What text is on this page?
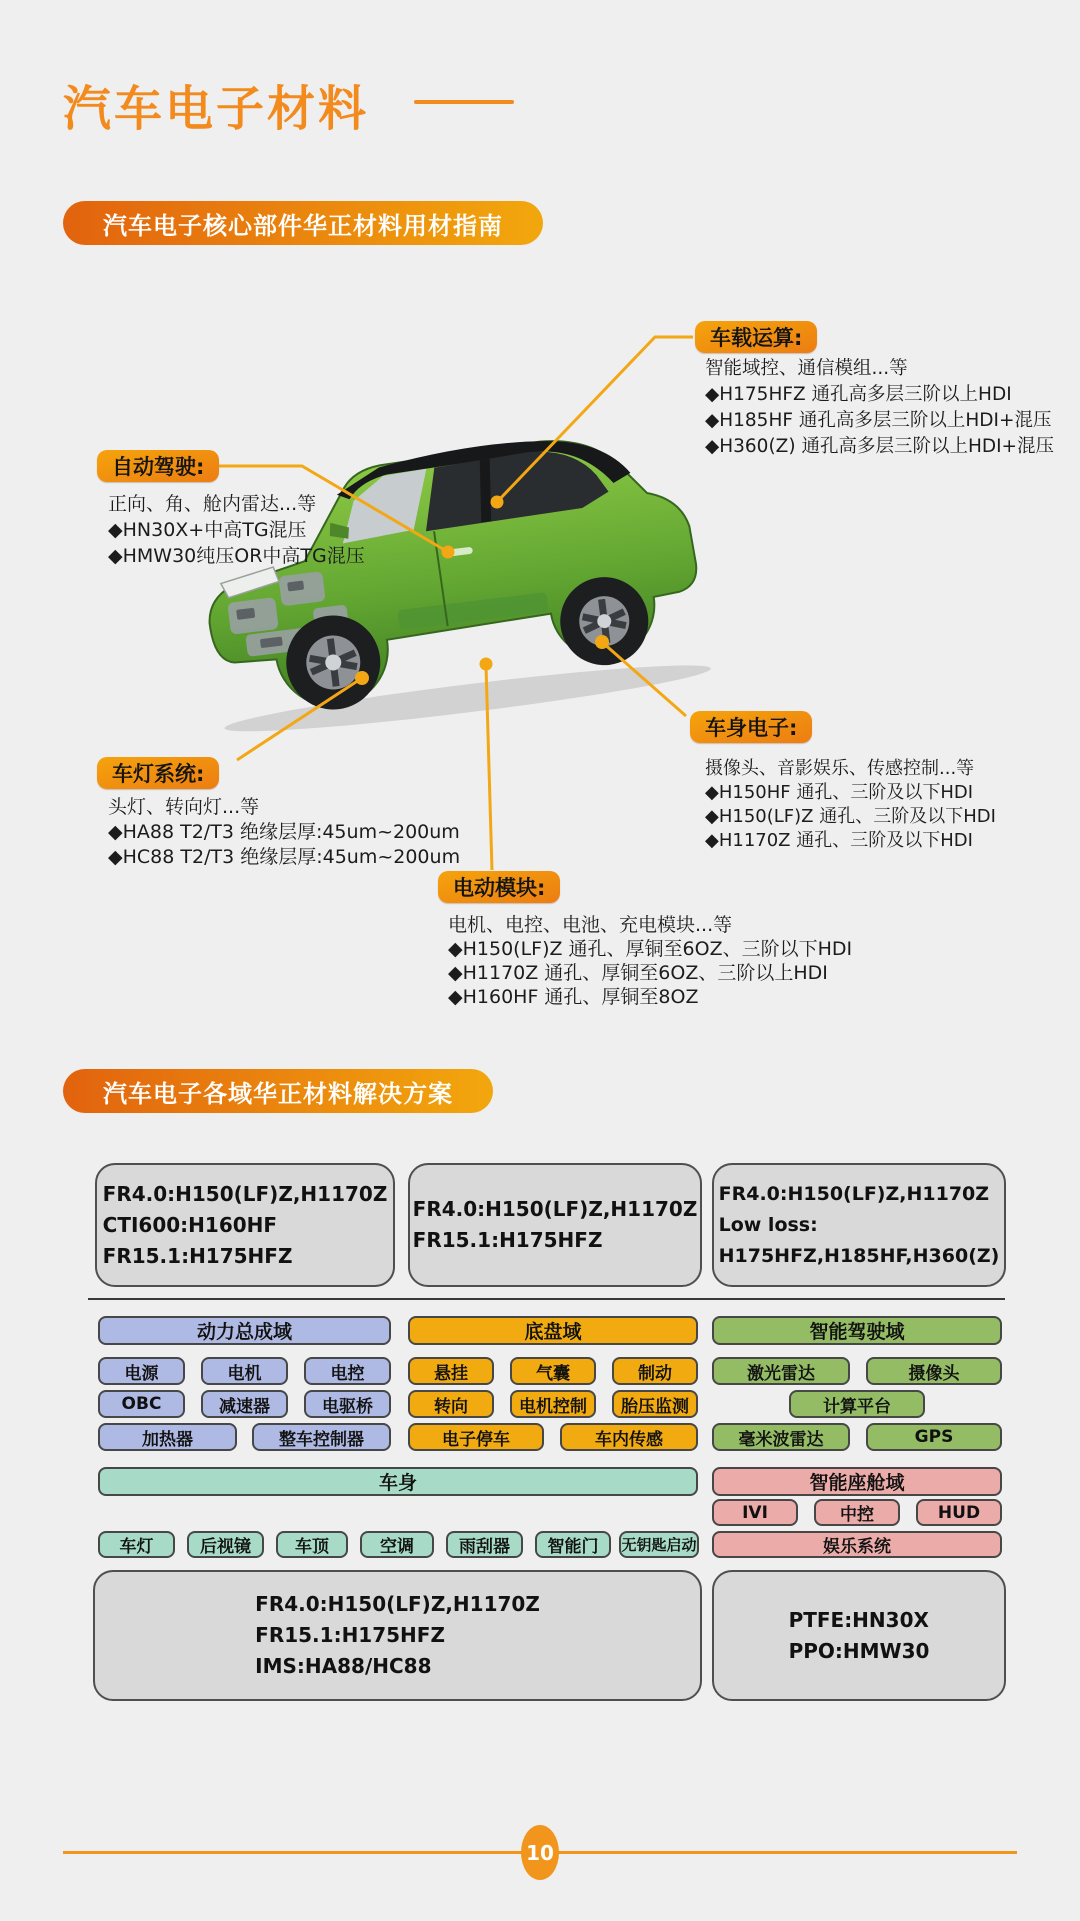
汽车电子材料
汽车电子核心部件华正材料用材指南
车载运算:
智能域控、通信模组...等
◆H175HFZ 通孔高多层三阶以上HDI
◆H185HF 通孔高多层三阶以上HDI+混压
◆H360(Z) 通孔高多层三阶以上HDI+混压
自动驾驶:
正向、角、舱内雷达...等
◆HN30X+中高TG混压
◆HMW30纯压OR中高TG混压
车灯系统:
头灯、转向灯...等
◆HA88 T2/T3 绝缘层厚:45um~200um
◆HC88 T2/T3 绝缘层厚:45um~200um
车身电子:
摄像头、音影娱乐、传感控制...等
◆H150HF 通孔、三阶及以下HDI
◆H150(LF)Z 通孔、三阶及以下HDI
◆H1170Z 通孔、三阶及以下HDI
电动模块:
电机、电控、电池、充电模块...等
◆H150(LF)Z 通孔、厚铜至6OZ、三阶以下HDI
◆H1170Z 通孔、厚铜至6OZ、三阶以上HDI
◆H160HF 通孔、厚铜至8OZ
汽车电子各域华正材料解决方案
FR4.0:H150(LF)Z,H1170Z
CTI600:H160HF
FR15.1:H175HFZ
FR4.0:H150(LF)Z,H1170Z
FR15.1:H175HFZ
FR4.0:H150(LF)Z,H1170Z
Low loss:
H175HFZ,H185HF,H360(Z)
动力总成域	底盘域	智能驾驶域
电源	电机	电控
OBC	减速器	电驱桥
加热器	整车控制器
悬挂	气囊	制动
转向	电机控制	胎压监测
电子停车	车内传感
激光雷达	摄像头
计算平台
毫米波雷达	GPS
车身	智能座舱域
IVI	中控	HUD
车灯	后视镜	车顶	空调	雨刮器	智能门	无钥匙启动	娱乐系统
FR4.0:H150(LF)Z,H1170Z
FR15.1:H175HFZ
IMS:HA88/HC88
PTFE:HN30X
PPO:HMW30
10
